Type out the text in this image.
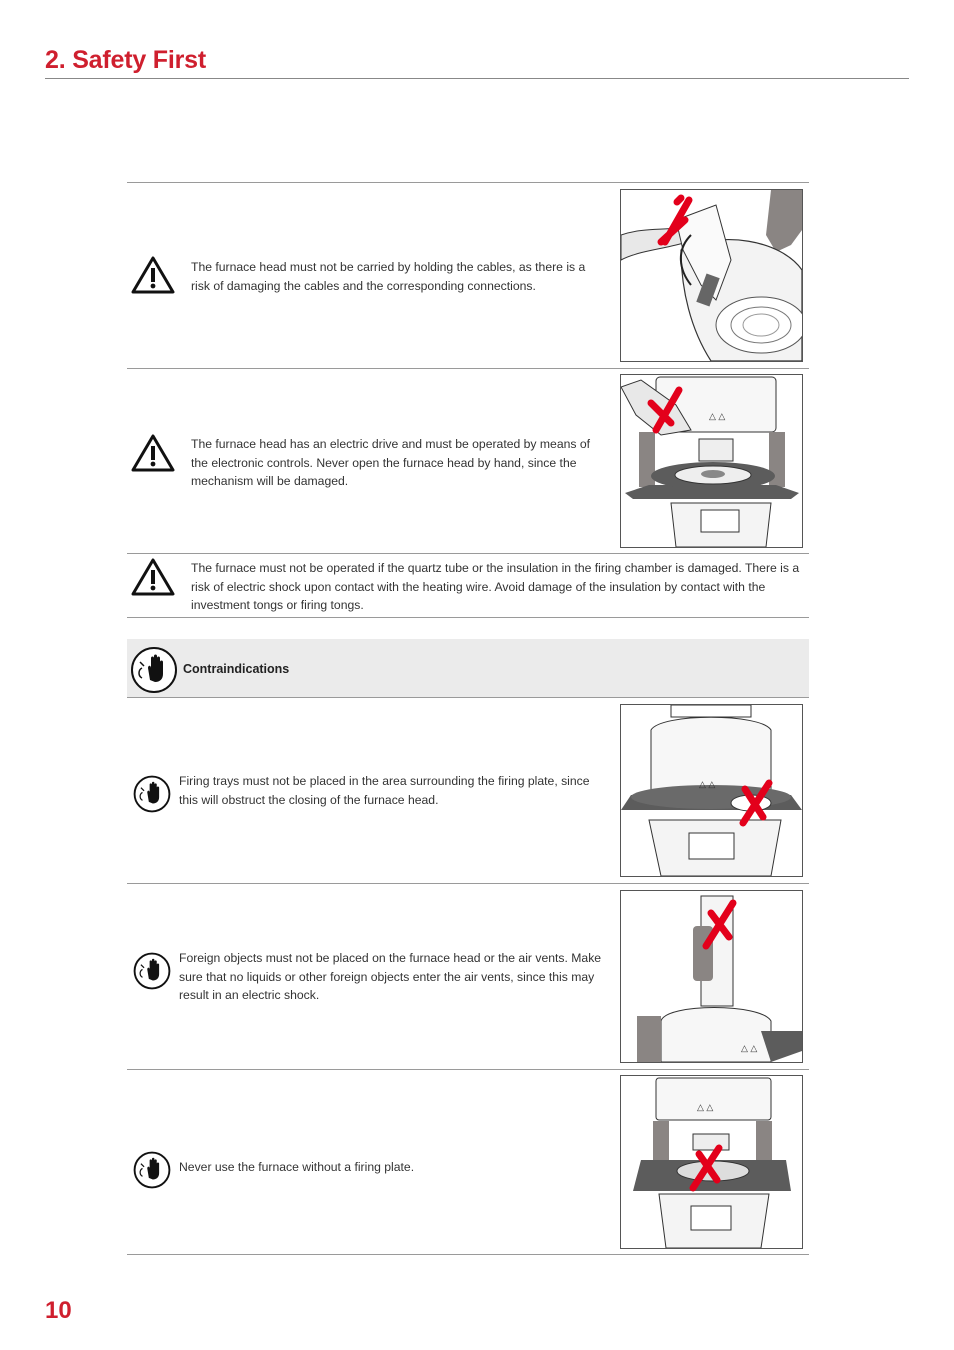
2. Safety First
The furnace head must not be carried by holding the cables, as there is a risk of damaging the cables and the corresponding connections.
The furnace head has an electric drive and must be operated by means of the electronic controls. Never open the furnace head by hand, since the mechanism will be damaged.
△ △
The furnace must not be operated if the quartz tube or the insulation in the firing chamber is damaged. There is a risk of electric shock upon contact with the heating wire. Avoid damage of the insulation by contact with the investment tongs or firing tongs.
Contraindications
Firing trays must not be placed in the area surrounding the firing plate, since this will obstruct the closing of the furnace head.
△ △
Foreign objects must not be placed on the furnace head or the air vents. Make sure that no liquids or other foreign objects enter the air vents, since this may result in an electric shock.
△ △
Never use the furnace without a firing plate.
△ △
10
